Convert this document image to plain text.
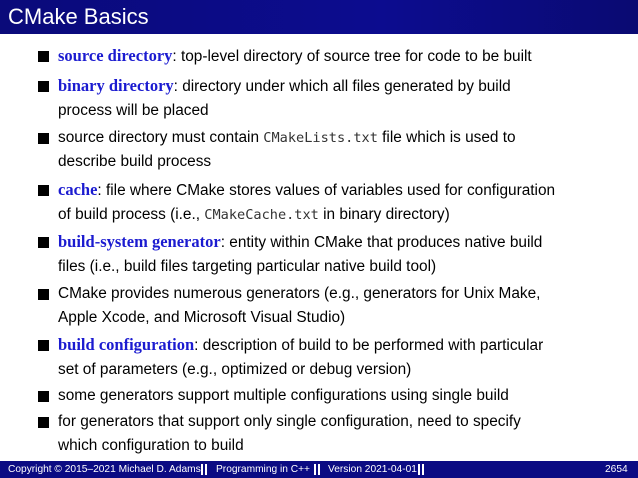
CMake Basics
source directory: top-level directory of source tree for code to be built
binary directory: directory under which all files generated by build
process will be placed
source directory must contain CMakeLists.txt file which is used to
describe build process
cache: file where CMake stores values of variables used for configuration
of build process (i.e., CMakeCache.txt in binary directory)
build-system generator: entity within CMake that produces native build
files (i.e., build files targeting particular native build tool)
CMake provides numerous generators (e.g., generators for Unix Make,
Apple Xcode, and Microsoft Visual Studio)
build configuration: description of build to be performed with particular
set of parameters (e.g., optimized or debug version)
some generators support multiple configurations using single build
for generators that support only single configuration, need to specify
which configuration to build
Copyright © 2015–2021 Michael D. Adams Programming in C++ Version 2021-04-01	2654
